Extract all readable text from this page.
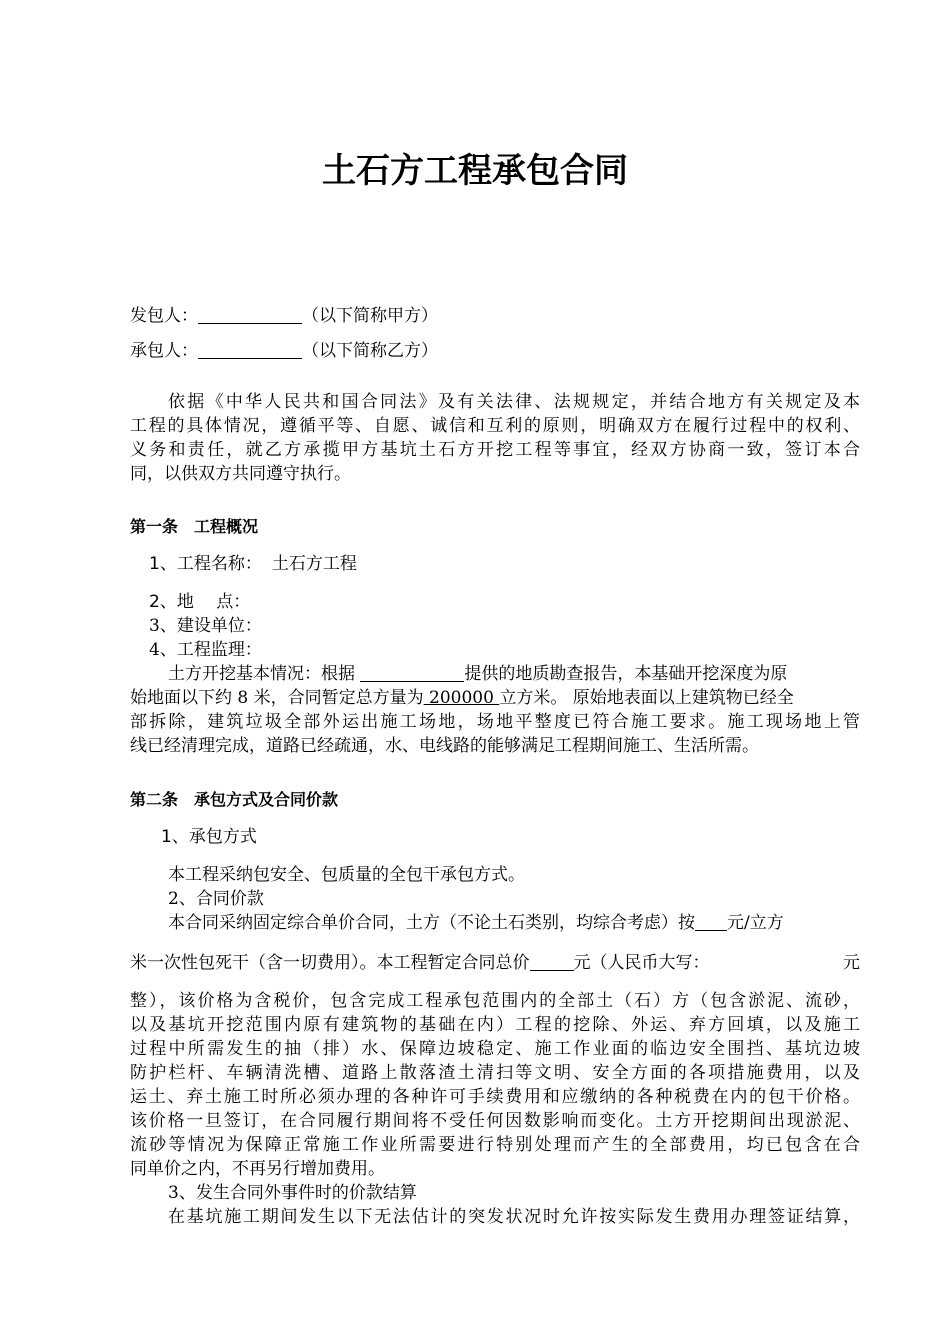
土石方工程承包合同
发包人：	（以下简称甲方）
承包人：	（以下简称乙方）
依据《中华人民共和国合同法》及有关法律、法规规定，并结合地方有关规定及本
工程的具体情况，遵循平等、自愿、诚信和互利的原则，明确双方在履行过程中的权利、
义务和责任，就乙方承揽甲方基坑土石方开挖工程等事宜，经双方协商一致，签订本合
同，以供双方共同遵守执行。
第一条　工程概况
1、工程名称： 土石方工程
2、地　 点：
3、建设单位：
4、工程监理：
土方开挖基本情况：根据	提供的地质勘查报告，本基础开挖深度为原
始地面以下约 8 米，合同暂定总方量为 200000 立方米。 原始地表面以上建筑物已经全
部拆除，建筑垃圾全部外运出施工场地，场地平整度已符合施工要求。施工现场地上管
线已经清理完成，道路已经疏通，水、电线路的能够满足工程期间施工、生活所需。
第二条　承包方式及合同价款
1、承包方式
本工程采纳包安全、包质量的全包干承包方式。
2、合同价款
本合同采纳固定综合单价合同，土方（不论土石类别，均综合考虑）按 元/立方
米一次性包死干（含一切费用）。本工程暂定合同总价	元（人民币大写：	元
整），该价格为含税价，包含完成工程承包范围内的全部土（石）方（包含淤泥、流砂，
以及基坑开挖范围内原有建筑物的基础在内）工程的挖除、外运、弃方回填，以及施工
过程中所需发生的抽（排）水、保障边坡稳定、施工作业面的临边安全围挡、基坑边坡
防护栏杆、车辆清洗槽、道路上散落渣土清扫等文明、安全方面的各项措施费用，以及
运土、弃土施工时所必须办理的各种许可手续费用和应缴纳的各种税费在内的包干价格。
该价格一旦签订，在合同履行期间将不受任何因数影响而变化。土方开挖期间出现淤泥、
流砂等情况为保障正常施工作业所需要进行特别处理而产生的全部费用，均已包含在合
同单价之内，不再另行增加费用。
3、发生合同外事件时的价款结算
在基坑施工期间发生以下无法估计的突发状况时允许按实际发生费用办理签证结算，
